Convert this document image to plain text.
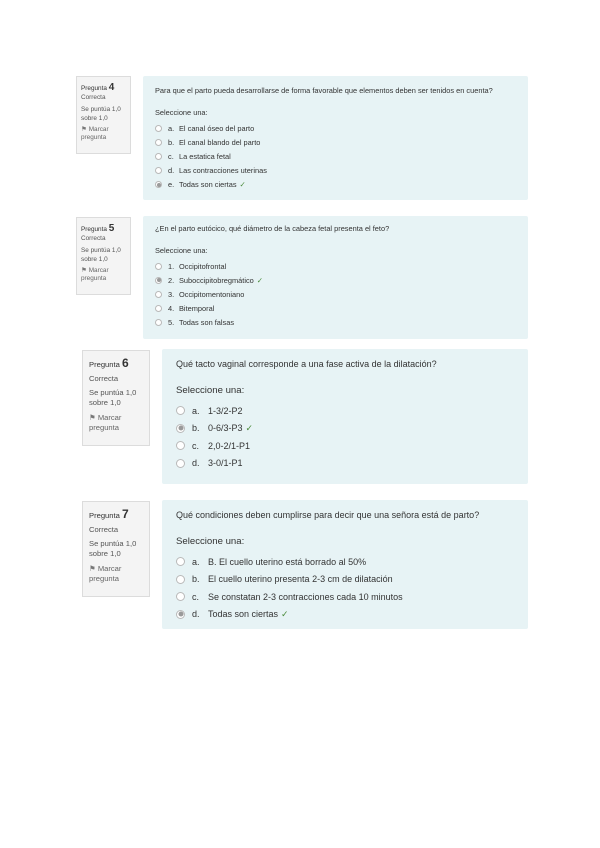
Pregunta 4
Correcta
Se puntúa 1,0 sobre 1,0
⚑ Marcar pregunta
Para que el parto pueda desarrollarse de forma favorable que elementos deben ser tenidos en cuenta?
Seleccione una:
a. El canal óseo del parto
b. El canal blando del parto
c. La estatica fetal
d. Las contracciones uterinas
e. Todas son ciertas ✓
Pregunta 5
Correcta
Se puntúa 1,0 sobre 1,0
⚑ Marcar pregunta
¿En el parto eutócico, qué diámetro de la cabeza fetal presenta el feto?
Seleccione una:
1. Occipitofrontal
2. Suboccipitobregmático ✓
3. Occipitomentoniano
4. Bitemporal
5. Todas son falsas
Pregunta 6
Correcta
Se puntúa 1,0 sobre 1,0
⚑ Marcar pregunta
Qué tacto vaginal corresponde a una fase activa de la dilatación?
Seleccione una:
a. 1-3/2-P2
b. 0-6/3-P3 ✓
c. 2,0-2/1-P1
d. 3-0/1-P1
Pregunta 7
Correcta
Se puntúa 1,0 sobre 1,0
⚑ Marcar pregunta
Qué condiciones deben cumplirse para decir que una señora está de parto?
Seleccione una:
a. B. El cuello uterino está borrado al 50%
b. El cuello uterino presenta 2-3 cm de dilatación
c. Se constatan 2-3 contracciones cada 10 minutos
d. Todas son ciertas ✓
